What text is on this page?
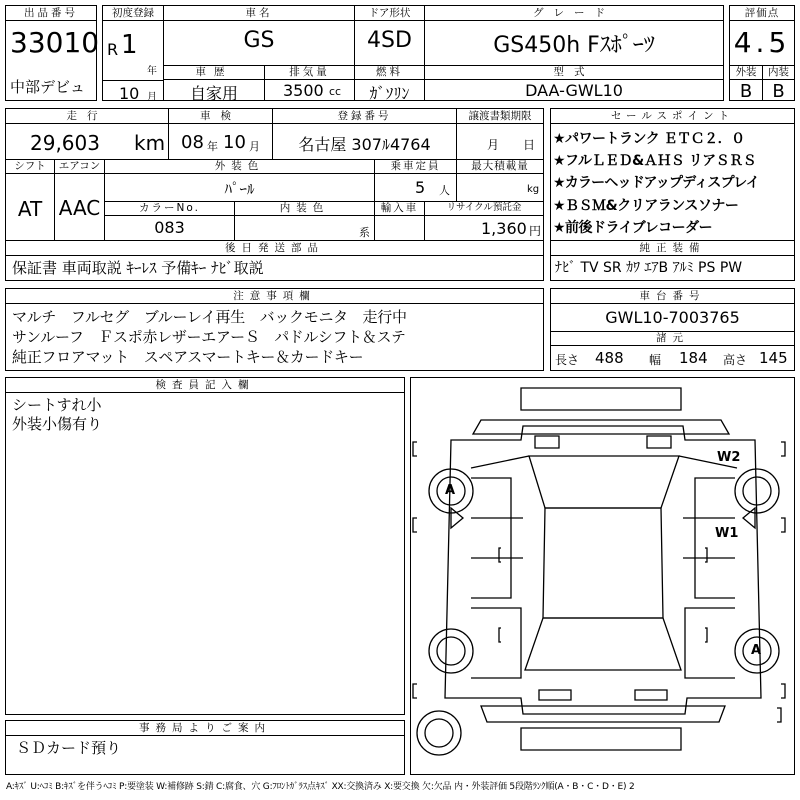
出品番号
33010
中部デビュ
初度登録
R 1
年
10 月
車名
GS
ドア形状
4SD
グレード
GS450h Fｽﾎﾟｰﾂ
車歴
自家用
排気量
3500 cc
燃料
ｶﾞｿﾘﾝ
型式
DAA-GWL10
評価点
4.5
外装	内装
B	B
走行
29,603 km
車検
08 年 10 月
登録番号
名古屋 307ﾙ4764
譲渡書類期限
月 日
シフト
AT
エアコン
AAC
外装色
ﾊﾟｰﾙ
乗車定員
5 人
最大積載量
kg
カラーNo.
083
内装色
系
輸入車	リサイクル預託金
1,360 円
後日発送部品
保証書 車両取説 ｷｰﾚｽ 予備ｷｰ ﾅﾋﾞ取説
セールスポイント
★パワートランク ＥＴＣ２．０
★フルＬＥＤ&ＡＨＳ リアＳＲＳ
★カラーヘッドアップディスプレイ
★ＢＳＭ&クリアランスソナー
★前後ドライブレコーダー
純正装備
ﾅﾋﾞ TV SR ｶﾜ ｴｱB ｱﾙﾐ PS PW
注意事項欄
マルチ　フルセグ　ブルーレイ再生　バックモニタ　走行中
サンルーフ　Ｆスポ赤レザーエアーＳ　パドルシフト＆ステ
純正フロアマット　スペアスマートキー＆カードキー
車台番号
GWL10-7003765
諸元
長さ 488 幅 184 高さ 145
検査員記入欄
シートすれ小
外装小傷有り
事務局よりご案内
ＳＤカード預り
A
W2
W1
A
A:ｷｽﾞ U:ﾍｺﾐ B:ｷｽﾞを伴うﾍｺﾐ P:要塗装 W:補修跡 S:錆 C:腐食、穴 G:ﾌﾛﾝﾄｶﾞﾗｽ点ｷｽﾞ XX:交換済み X:要交換 欠:欠品 内・外装評価 5段階ﾗﾝｸ順(A・B・C・D・E) 2
